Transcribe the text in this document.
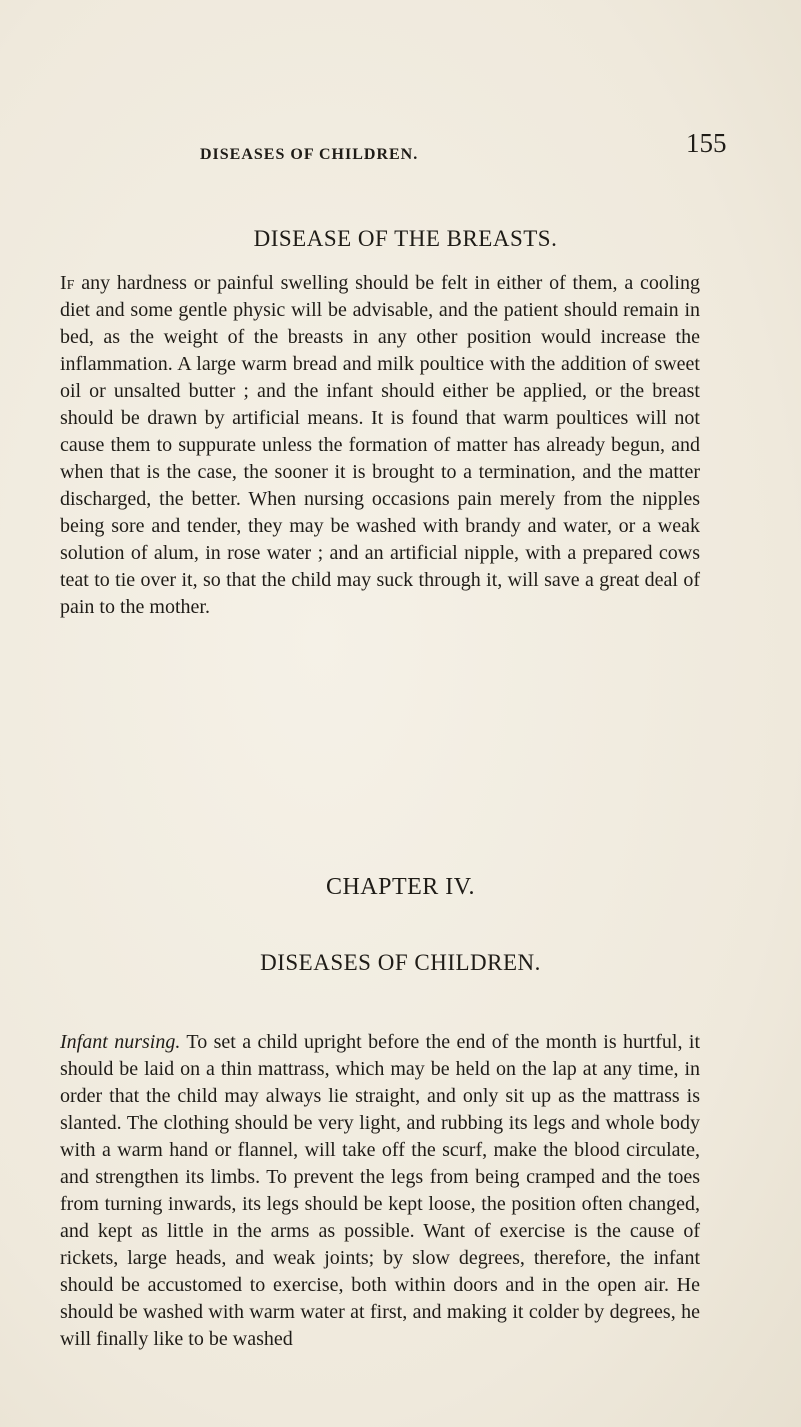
DISEASES OF CHILDREN.	155
DISEASE OF THE BREASTS.

If any hardness or painful swelling should be felt in either of them, a cooling diet and some gentle physic will be advisable, and the patient should remain in bed, as the weight of the breasts in any other position would increase the inflammation. A large warm bread and milk poultice with the addition of sweet oil or unsalted butter ; and the infant should either be applied, or the breast should be drawn by artificial means. It is found that warm poultices will not cause them to suppurate unless the formation of matter has already begun, and when that is the case, the sooner it is brought to a termination, and the matter discharged, the better. When nursing occasions pain merely from the nipples being sore and tender, they may be washed with brandy and water, or a weak solution of alum, in rose water ; and an artificial nipple, with a prepared cows teat to tie over it, so that the child may suck through it, will save a great deal of pain to the mother.

CHAPTER IV.
DISEASES OF CHILDREN.

Infant nursing. To set a child upright before the end of the month is hurtful, it should be laid on a thin mattrass, which may be held on the lap at any time, in order that the child may always lie straight, and only sit up as the mattrass is slanted. The clothing should be very light, and rubbing its legs and whole body with a warm hand or flannel, will take off the scurf, make the blood circulate, and strengthen its limbs. To prevent the legs from being cramped and the toes from turning inwards, its legs should be kept loose, the position often changed, and kept as little in the arms as possible. Want of exercise is the cause of rickets, large heads, and weak joints; by slow degrees, therefore, the infant should be accustomed to exercise, both within doors and in the open air. He should be washed with warm water at first, and making it colder by degrees, he will finally like to be washed
